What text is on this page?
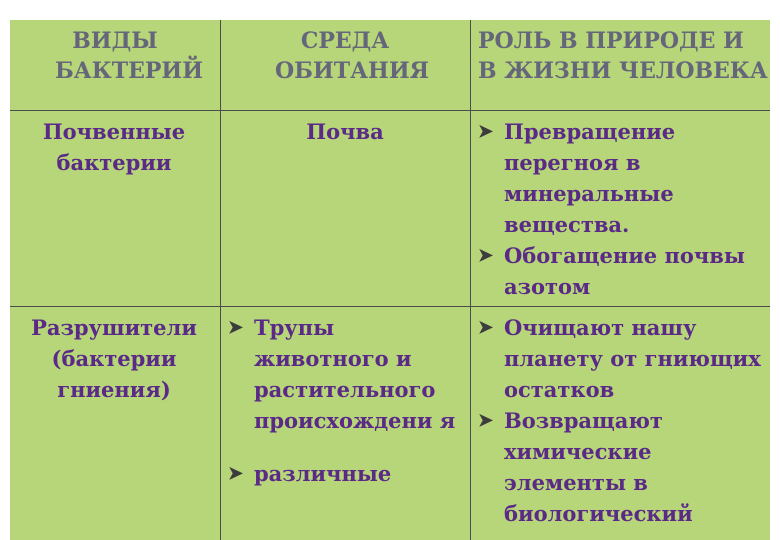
ВИДЫ БАКТЕРИЙ
СРЕДА ОБИТАНИЯ
РОЛЬ В ПРИРОДЕ И В ЖИЗНИ ЧЕЛОВЕКА
Почвенные бактерии
Почва	➤ Превращение перегноя в минеральные вещества.
➤ Обогащение почвы азотом
Разрушители (бактерии гниения)
➤ Трупы животного и растительного происхождени я
➤ различные
➤ Очищают нашу планету от гниющих остатков
➤ Возвращают химические элементы в биологический
